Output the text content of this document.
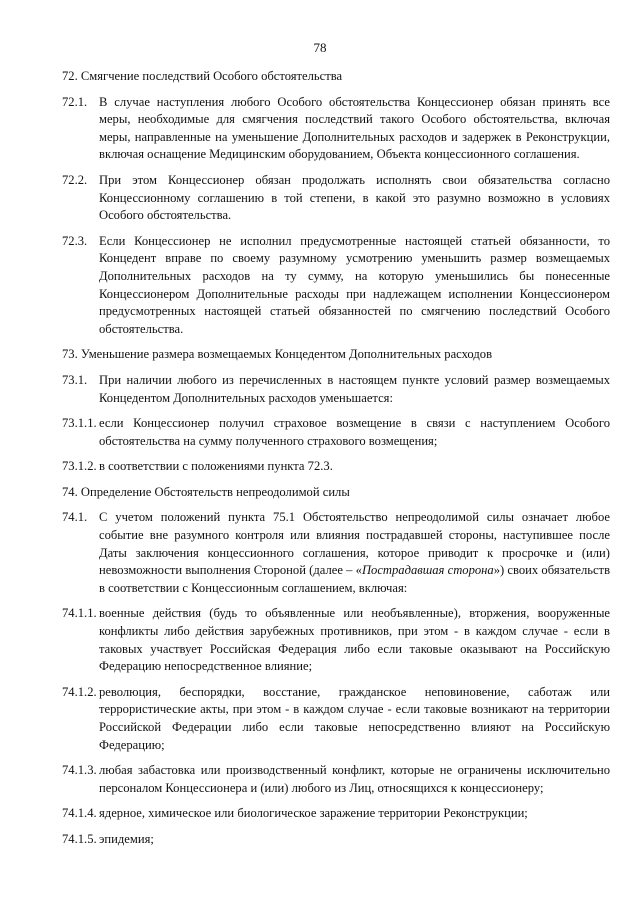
78
72. Смягчение последствий Особого обстоятельства
72.1. В случае наступления любого Особого обстоятельства Концессионер обязан принять все меры, необходимые для смягчения последствий такого Особого обстоятельства, включая меры, направленные на уменьшение Дополнительных расходов и задержек в Реконструкции, включая оснащение Медицинским оборудованием, Объекта концессионного соглашения.
72.2. При этом Концессионер обязан продолжать исполнять свои обязательства согласно Концессионному соглашению в той степени, в какой это разумно возможно в условиях Особого обстоятельства.
72.3. Если Концессионер не исполнил предусмотренные настоящей статьей обязанности, то Концедент вправе по своему разумному усмотрению уменьшить размер возмещаемых Дополнительных расходов на ту сумму, на которую уменьшились бы понесенные Концессионером Дополнительные расходы при надлежащем исполнении Концессионером предусмотренных настоящей статьей обязанностей по смягчению последствий Особого обстоятельства.
73. Уменьшение размера возмещаемых Концедентом Дополнительных расходов
73.1. При наличии любого из перечисленных в настоящем пункте условий размер возмещаемых Концедентом Дополнительных расходов уменьшается:
73.1.1. если Концессионер получил страховое возмещение в связи с наступлением Особого обстоятельства на сумму полученного страхового возмещения;
73.1.2. в соответствии с положениями пункта 72.3.
74. Определение Обстоятельств непреодолимой силы
74.1. С учетом положений пункта 75.1 Обстоятельство непреодолимой силы означает любое событие вне разумного контроля или влияния пострадавшей стороны, наступившее после Даты заключения концессионного соглашения, которое приводит к просрочке и (или) невозможности выполнения Стороной (далее – «Пострадавшая сторона») своих обязательств в соответствии с Концессионным соглашением, включая:
74.1.1. военные действия (будь то объявленные или необъявленные), вторжения, вооруженные конфликты либо действия зарубежных противников, при этом - в каждом случае - если в таковых участвует Российская Федерация либо если таковые оказывают на Российскую Федерацию непосредственное влияние;
74.1.2. революция, беспорядки, восстание, гражданское неповиновение, саботаж или террористические акты, при этом - в каждом случае - если таковые возникают на территории Российской Федерации либо если таковые непосредственно влияют на Российскую Федерацию;
74.1.3. любая забастовка или производственный конфликт, которые не ограничены исключительно персоналом Концессионера и (или) любого из Лиц, относящихся к концессионеру;
74.1.4. ядерное, химическое или биологическое заражение территории Реконструкции;
74.1.5. эпидемия;
